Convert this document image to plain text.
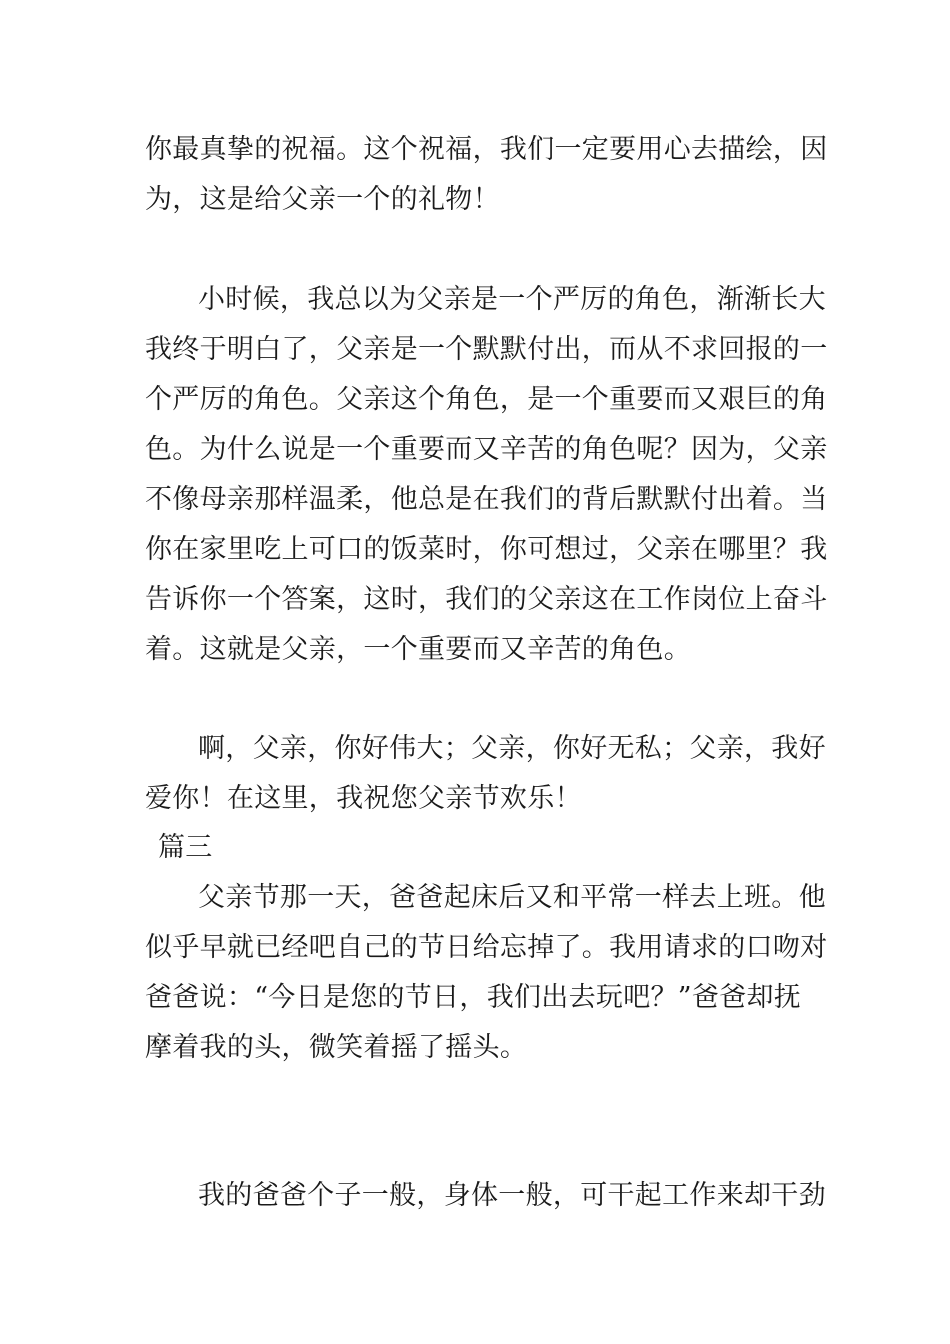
你最真挚的祝福。这个祝福，我们一定要用心去描绘，因
为，这是给父亲一个的礼物！
小时候，我总以为父亲是一个严厉的角色，渐渐长大
我终于明白了，父亲是一个默默付出，而从不求回报的一
个严厉的角色。父亲这个角色，是一个重要而又艰巨的角
色。为什么说是一个重要而又辛苦的角色呢？因为，父亲
不像母亲那样温柔，他总是在我们的背后默默付出着。当
你在家里吃上可口的饭菜时，你可想过，父亲在哪里？我
告诉你一个答案，这时，我们的父亲这在工作岗位上奋斗
着。这就是父亲，一个重要而又辛苦的角色。
啊，父亲，你好伟大；父亲，你好无私；父亲，我好
爱你！在这里，我祝您父亲节欢乐！
篇三
父亲节那一天，爸爸起床后又和平常一样去上班。他
似乎早就已经吧自己的节日给忘掉了。我用请求的口吻对
爸爸说：“今日是您的节日，我们出去玩吧？”爸爸却抚
摩着我的头，微笑着摇了摇头。
我的爸爸个子一般，身体一般，可干起工作来却干劲
